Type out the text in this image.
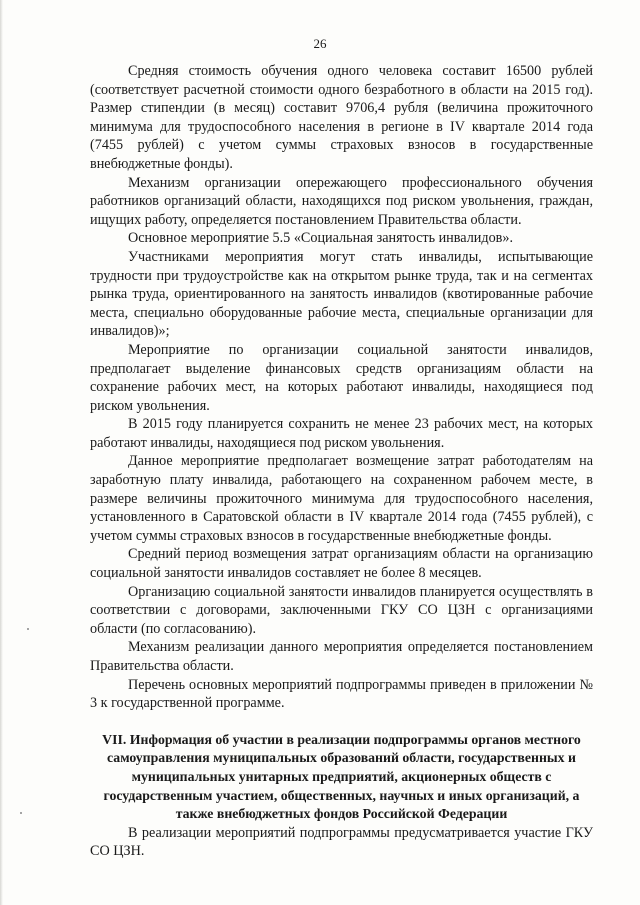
26

Средняя стоимость обучения одного человека составит 16500 рублей (соответствует расчетной стоимости одного безработного в области на 2015 год). Размер стипендии (в месяц) составит 9706,4 рубля (величина прожиточного минимума для трудоспособного населения в регионе в IV квартале 2014 года (7455 рублей) с учетом суммы страховых взносов в государственные внебюджетные фонды).

Механизм организации опережающего профессионального обучения работников организаций области, находящихся под риском увольнения, граждан, ищущих работу, определяется постановлением Правительства области.

Основное мероприятие 5.5 «Социальная занятость инвалидов».

Участниками мероприятия могут стать инвалиды, испытывающие трудности при трудоустройстве как на открытом рынке труда, так и на сегментах рынка труда, ориентированного на занятость инвалидов (квотированные рабочие места, специально оборудованные рабочие места, специальные организации для инвалидов)»;

Мероприятие по организации социальной занятости инвалидов, предполагает выделение финансовых средств организациям области на сохранение рабочих мест, на которых работают инвалиды, находящиеся под риском увольнения.

В 2015 году планируется сохранить не менее 23 рабочих мест, на которых работают инвалиды, находящиеся под риском увольнения.

Данное мероприятие предполагает возмещение затрат работодателям на заработную плату инвалида, работающего на сохраненном рабочем месте, в размере величины прожиточного минимума для трудоспособного населения, установленного в Саратовской области в IV квартале 2014 года (7455 рублей), с учетом суммы страховых взносов в государственные внебюджетные фонды.

Средний период возмещения затрат организациям области на организацию социальной занятости инвалидов составляет не более 8 месяцев.

Организацию социальной занятости инвалидов планируется осуществлять в соответствии с договорами, заключенными ГКУ СО ЦЗН с организациями области (по согласованию).

Механизм реализации данного мероприятия определяется постановлением Правительства области.

Перечень основных мероприятий подпрограммы приведен в приложении № 3 к государственной программе.

VII. Информация об участии в реализации подпрограммы органов местного самоуправления муниципальных образований области, государственных и муниципальных унитарных предприятий, акционерных обществ с государственным участием, общественных, научных и иных организаций, а также внебюджетных фондов Российской Федерации

В реализации мероприятий подпрограммы предусматривается участие ГКУ СО ЦЗН.
